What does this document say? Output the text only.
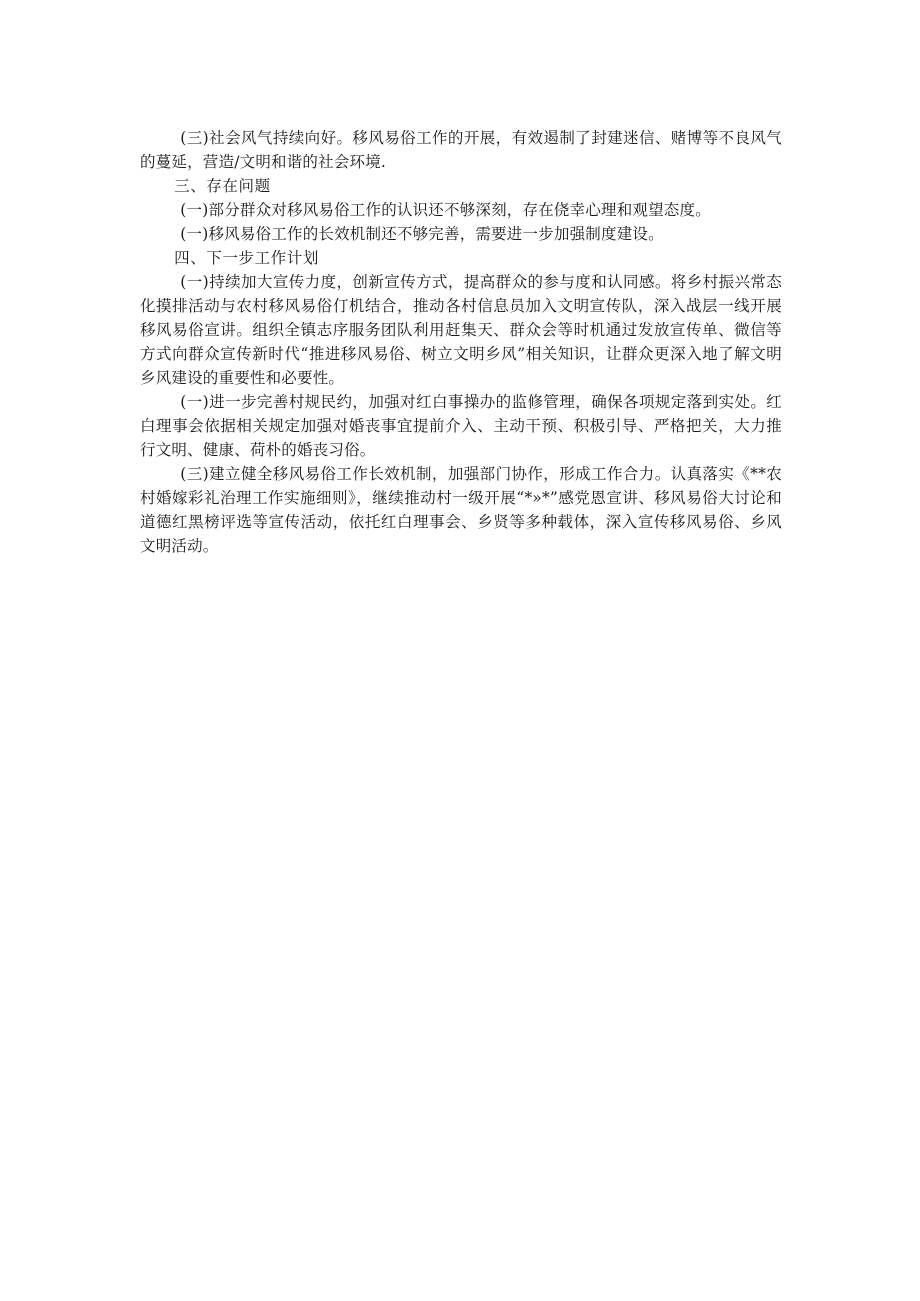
(三)社会风气持续向好。移风易俗工作的开展，有效遏制了封建迷信、赌博等不良风气的蔓延，营造/文明和谐的社会环境.

三、存在问题

(一)部分群众对移风易俗工作的认识还不够深刻，存在侥幸心理和观望态度。

(一)移风易俗工作的长效机制还不够完善，需要进一步加强制度建设。

四、下一步工作计划

(一)持续加大宣传力度，创新宣传方式，提高群众的参与度和认同感。将乡村振兴常态化摸排活动与农村移风易俗仃机结合，推动各村信息员加入文明宣传队，深入战层一线开展移风易俗宣讲。组织全镇志序服务团队利用赶集天、群众会等时机通过发放宣传单、微信等方式向群众宣传新时代“推进移风易俗、树立文明乡风”相关知识，让群众更深入地了解文明乡风建设的重要性和必要性。

(一)进一步完善村规民约，加强对红白事操办的监修管理，确保各项规定落到实处。红白理事会依据相关规定加强对婚丧事宜提前介入、主动干预、积极引导、严格把关，大力推行文明、健康、荷朴的婚丧习俗。

(三)建立健全移风易俗工作长效机制，加强部门协作，形成工作合力。认真落实《**农村婚嫁彩礼治理工作实施细则》，继续推动村一级开展“*»*”感党恩宣讲、移风易俗大讨论和道德红黑榜评选等宣传活动，依托红白理事会、乡贤等多种载体，深入宣传移风易俗、乡风文明活动。
